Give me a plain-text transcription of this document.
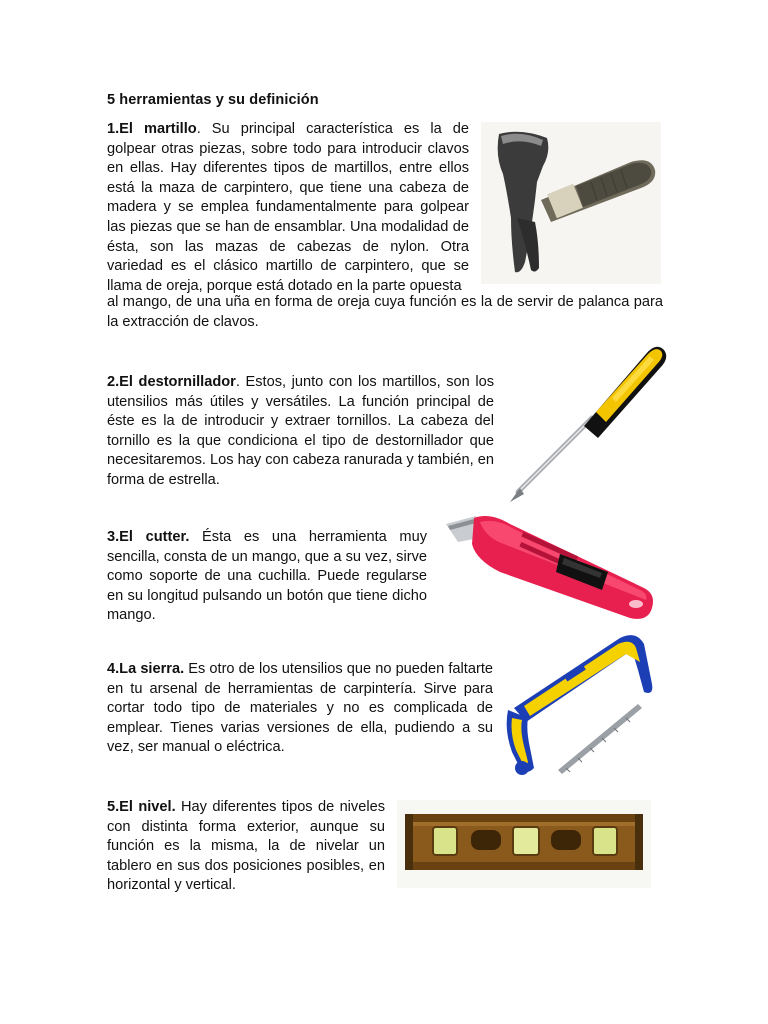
5 herramientas y su definición
1.El martillo. Su principal característica es la de golpear otras piezas, sobre todo para introducir clavos en ellas. Hay diferentes tipos de martillos, entre ellos está la maza de carpintero, que tiene una cabeza de madera y se emplea fundamentalmente para golpear las piezas que se han de ensamblar. Una modalidad de ésta, son las mazas de cabezas de nylon. Otra variedad es el clásico martillo de carpintero, que se llama de oreja, porque está dotado en la parte opuesta
al mango, de una uña en forma de oreja cuya función es la de servir de palanca para la extracción de clavos.
2.El destornillador. Estos, junto con los martillos, son los utensilios más útiles y versátiles. La función principal de éste es la de introducir y extraer tornillos. La cabeza del tornillo es la que condiciona el tipo de destornillador que necesitaremos. Los hay con cabeza ranurada y también, en forma de estrella.
3.El cutter. Ésta es una herramienta muy sencilla, consta de un mango, que a su vez, sirve como soporte de una cuchilla. Puede regularse en su longitud pulsando un botón que tiene dicho mango.
4.La sierra. Es otro de los utensilios que no pueden faltarte en tu arsenal de herramientas de carpintería. Sirve para cortar todo tipo de materiales y no es complicada de emplear. Tienes varias versiones de ella, pudiendo a su vez, ser manual o eléctrica.
5.El nivel. Hay diferentes tipos de niveles con distinta forma exterior, aunque su función es la misma, la de nivelar un tablero en sus dos posiciones posibles, en horizontal y vertical.
